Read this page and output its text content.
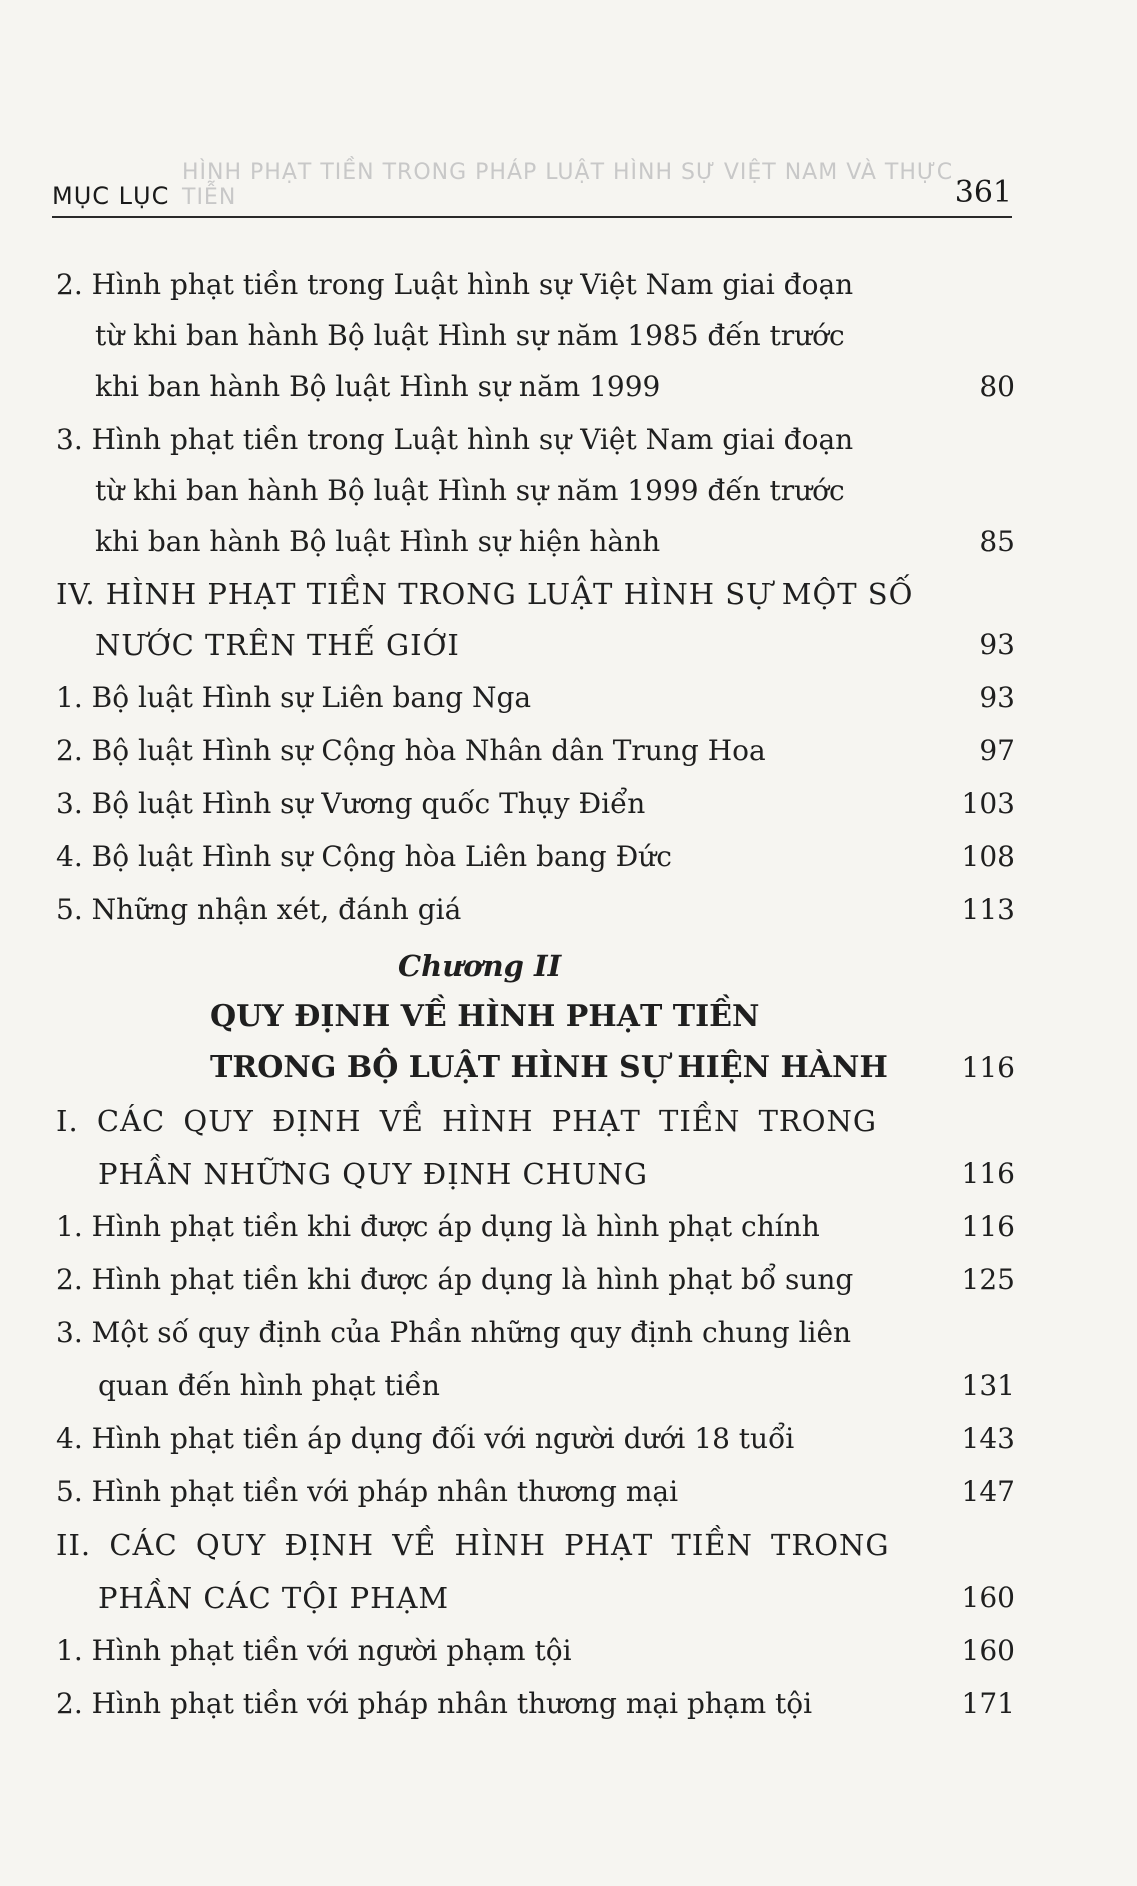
MỤC LỤC
HÌNH PHẠT TIỀN TRONG PHÁP LUẬT HÌNH SỰ VIỆT NAM VÀ THỰC TIỄN	361
2. Hình phạt tiền trong Luật hình sự Việt Nam giai đoạn
từ khi ban hành Bộ luật Hình sự năm 1985 đến trước
khi ban hành Bộ luật Hình sự năm 1999	80
3. Hình phạt tiền trong Luật hình sự Việt Nam giai đoạn
từ khi ban hành Bộ luật Hình sự năm 1999 đến trước
khi ban hành Bộ luật Hình sự hiện hành	85
IV. HÌNH PHẠT TIỀN TRONG LUẬT HÌNH SỰ MỘT SỐ
NƯỚC TRÊN THẾ GIỚI	93
1. Bộ luật Hình sự Liên bang Nga	93
2. Bộ luật Hình sự Cộng hòa Nhân dân Trung Hoa	97
3. Bộ luật Hình sự Vương quốc Thụy Điển	103
4. Bộ luật Hình sự Cộng hòa Liên bang Đức	108
5. Những nhận xét, đánh giá	113
Chương II
QUY ĐỊNH VỀ HÌNH PHẠT TIỀN
TRONG BỘ LUẬT HÌNH SỰ HIỆN HÀNH	116
I. CÁC QUY ĐỊNH VỀ HÌNH PHẠT TIỀN TRONG
PHẦN NHỮNG QUY ĐỊNH CHUNG	116
1. Hình phạt tiền khi được áp dụng là hình phạt chính	116
2. Hình phạt tiền khi được áp dụng là hình phạt bổ sung	125
3. Một số quy định của Phần những quy định chung liên
quan đến hình phạt tiền	131
4. Hình phạt tiền áp dụng đối với người dưới 18 tuổi	143
5. Hình phạt tiền với pháp nhân thương mại	147
II. CÁC QUY ĐỊNH VỀ HÌNH PHẠT TIỀN TRONG
PHẦN CÁC TỘI PHẠM	160
1. Hình phạt tiền với người phạm tội	160
2. Hình phạt tiền với pháp nhân thương mại phạm tội	171
